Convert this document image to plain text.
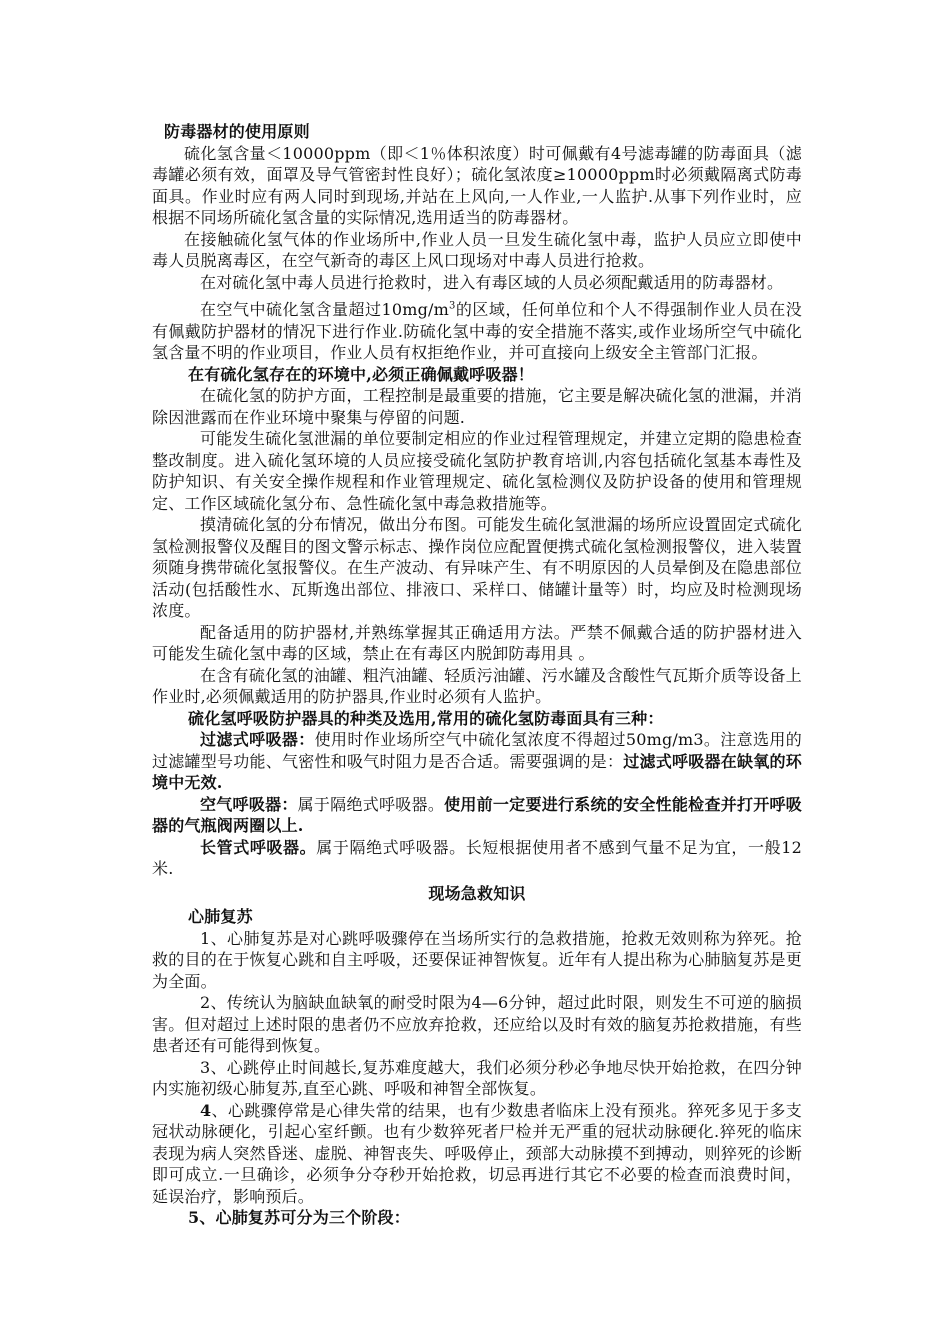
防毒器材的使用原则

硫化氢含量＜10000ppm（即＜1％体积浓度）时可佩戴有4号滤毒罐的防毒面具（滤毒罐必须有效，面罩及导气管密封性良好）；硫化氢浓度≥10000ppm时必须戴隔离式防毒面具。作业时应有两人同时到现场,并站在上风向,一人作业,一人监护.从事下列作业时，应根据不同场所硫化氢含量的实际情况,选用适当的防毒器材。

在接触硫化氢气体的作业场所中,作业人员一旦发生硫化氢中毒，监护人员应立即使中毒人员脱离毒区，在空气新奇的毒区上风口现场对中毒人员进行抢救。

在对硫化氢中毒人员进行抢救时，进入有毒区域的人员必须配戴适用的防毒器材。

在空气中硫化氢含量超过$10mg/m^3$的区域，任何单位和个人不得强制作业人员在没有佩戴防护器材的情况下进行作业.防硫化氢中毒的安全措施不落实,或作业场所空气中硫化氢含量不明的作业项目，作业人员有权拒绝作业，并可直接向上级安全主管部门汇报。

在有硫化氢存在的环境中,必须正确佩戴呼吸器！

在硫化氢的防护方面，工程控制是最重要的措施，它主要是解决硫化氢的泄漏，并消除因泄露而在作业环境中聚集与停留的问题.

可能发生硫化氢泄漏的单位要制定相应的作业过程管理规定，并建立定期的隐患检查整改制度。进入硫化氢环境的人员应接受硫化氢防护教育培训,内容包括硫化氢基本毒性及防护知识、有关安全操作规程和作业管理规定、硫化氢检测仪及防护设备的使用和管理规定、工作区域硫化氢分布、急性硫化氢中毒急救措施等。

摸清硫化氢的分布情况，做出分布图。可能发生硫化氢泄漏的场所应设置固定式硫化氢检测报警仪及醒目的图文警示标志、操作岗位应配置便携式硫化氢检测报警仪，进入装置须随身携带硫化氢报警仪。在生产波动、有异味产生、有不明原因的人员晕倒及在隐患部位活动(包括酸性水、瓦斯逸出部位、排液口、采样口、储罐计量等）时，均应及时检测现场浓度。

配备适用的防护器材,并熟练掌握其正确适用方法。严禁不佩戴合适的防护器材进入可能发生硫化氢中毒的区域，禁止在有毒区内脱卸防毒用具 。

在含有硫化氢的油罐、粗汽油罐、轻质污油罐、污水罐及含酸性气瓦斯介质等设备上作业时,必须佩戴适用的防护器具,作业时必须有人监护。

硫化氢呼吸防护器具的种类及选用,常用的硫化氢防毒面具有三种：

过滤式呼吸器：使用时作业场所空气中硫化氢浓度不得超过50mg/m3。注意选用的过滤罐型号功能、气密性和吸气时阻力是否合适。需要强调的是：过滤式呼吸器在缺氧的环境中无效.

空气呼吸器：属于隔绝式呼吸器。使用前一定要进行系统的安全性能检查并打开呼吸器的气瓶阀两圈以上.

长管式呼吸器。属于隔绝式呼吸器。长短根据使用者不感到气量不足为宜，一般12米.

现场急救知识

心肺复苏

1、心肺复苏是对心跳呼吸骤停在当场所实行的急救措施，抢救无效则称为猝死。抢救的目的在于恢复心跳和自主呼吸，还要保证神智恢复。近年有人提出称为心肺脑复苏是更为全面。

2、传统认为脑缺血缺氧的耐受时限为4—6分钟，超过此时限，则发生不可逆的脑损害。但对超过上述时限的患者仍不应放弃抢救，还应给以及时有效的脑复苏抢救措施，有些患者还有可能得到恢复。

3、心跳停止时间越长,复苏难度越大，我们必须分秒必争地尽快开始抢救，在四分钟内实施初级心肺复苏,直至心跳、呼吸和神智全部恢复。

4、心跳骤停常是心律失常的结果，也有少数患者临床上没有预兆。猝死多见于多支冠状动脉硬化，引起心室纤颤。也有少数猝死者尸检并无严重的冠状动脉硬化.猝死的临床表现为病人突然昏迷、虚脱、神智丧失、呼吸停止，颈部大动脉摸不到搏动，则猝死的诊断即可成立.一旦确诊，必须争分夺秒开始抢救，切忌再进行其它不必要的检查而浪费时间，延误治疗，影响预后。

5、心肺复苏可分为三个阶段：
